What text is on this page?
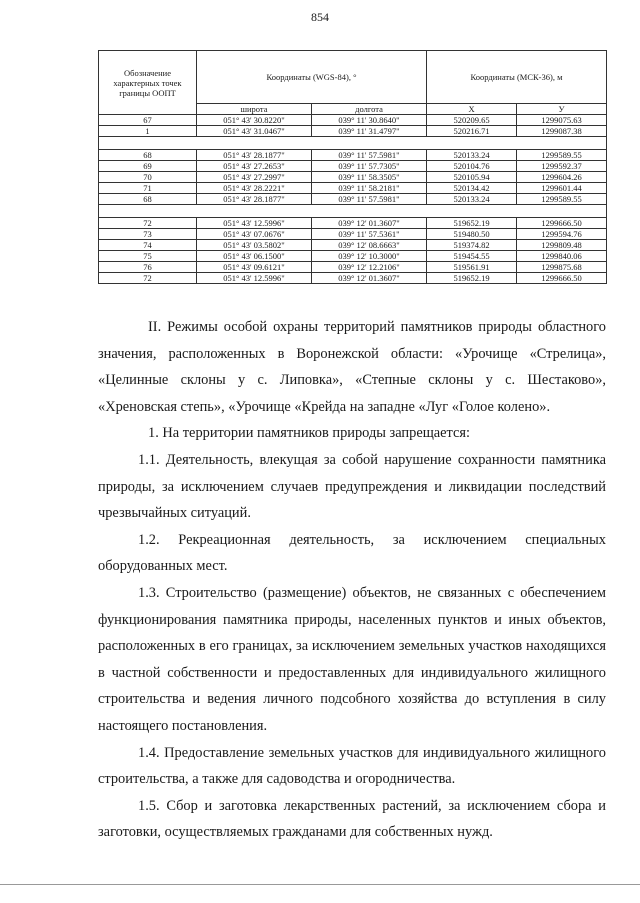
854
Обозначение характерных точек границы ООПТ	Координаты (WGS-84), °		Координаты (МСК-36), м	
	широта	долгота	X	У
67	051° 43' 30.8220"	039° 11' 30.8640"	520209.65	1299075.63
1	051° 43' 31.0467"	039° 11' 31.4797"	520216.71	1299087.38

68	051° 43' 28.1877"	039° 11' 57.5981"	520133.24	1299589.55
69	051° 43' 27.2653"	039° 11' 57.7305"	520104.76	1299592.37
70	051° 43' 27.2997"	039° 11' 58.3505"	520105.94	1299604.26
71	051° 43' 28.2221"	039° 11' 58.2181"	520134.42	1299601.44
68	051° 43' 28.1877"	039° 11' 57.5981"	520133.24	1299589.55

72	051° 43' 12.5996"	039° 12' 01.3607"	519652.19	1299666.50
73	051° 43' 07.0676"	039° 11' 57.5361"	519480.50	1299594.76
74	051° 43' 03.5802"	039° 12' 08.6663"	519374.82	1299809.48
75	051° 43' 06.1500"	039° 12' 10.3000"	519454.55	1299840.06
76	051° 43' 09.6121"	039° 12' 12.2106"	519561.91	1299875.68
72	051° 43' 12.5996"	039° 12' 01.3607"	519652.19	1299666.50

II. Режимы особой охраны территорий памятников природы областного значения, расположенных в Воронежской области: «Урочище «Стрелица», «Целинные склоны у с. Липовка», «Степные склоны у с. Шестаково», «Хреновская степь», «Урочище «Крейда на западне «Луг «Голое колено».

1. На территории памятников природы запрещается:

1.1. Деятельность, влекущая за собой нарушение сохранности памятника природы, за исключением случаев предупреждения и ликвидации последствий чрезвычайных ситуаций.

1.2. Рекреационная деятельность, за исключением специальных оборудованных мест.

1.3. Строительство (размещение) объектов, не связанных с обеспечением функционирования памятника природы, населенных пунктов и иных объектов, расположенных в его границах, за исключением земельных участков находящихся в частной собственности и предоставленных для индивидуального жилищного строительства и ведения личного подсобного хозяйства до вступления в силу настоящего постановления.

1.4. Предоставление земельных участков для индивидуального жилищного строительства, а также для садоводства и огородничества.

1.5. Сбор и заготовка лекарственных растений, за исключением сбора и заготовки, осуществляемых гражданами для собственных нужд.
